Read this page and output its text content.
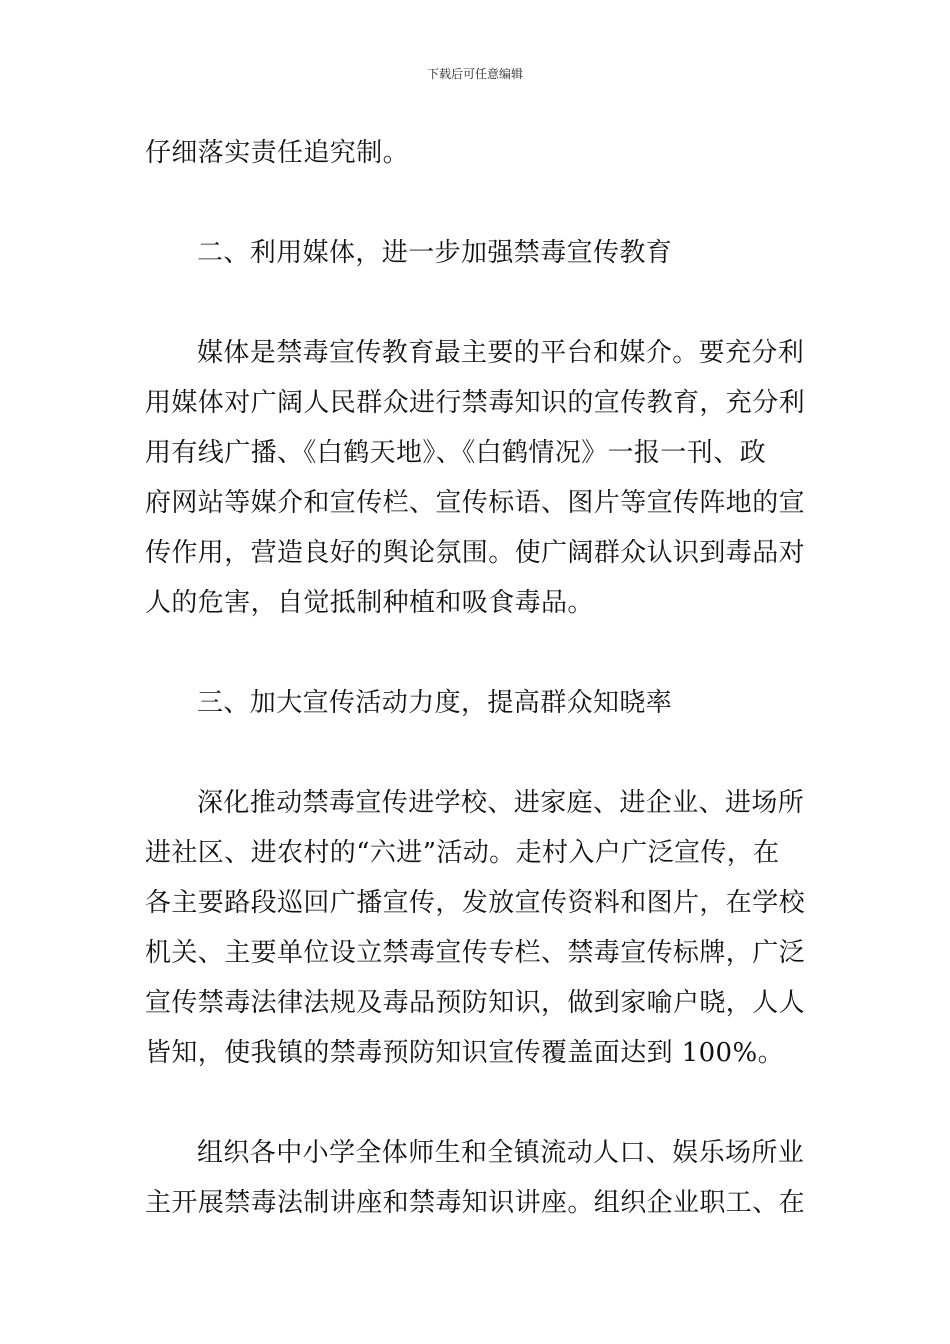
下载后可任意编辑

仔细落实责任追究制。

二、利用媒体，进一步加强禁毒宣传教育

媒体是禁毒宣传教育最主要的平台和媒介。要充分利

用媒体对广阔人民群众进行禁毒知识的宣传教育，充分利

用有线广播、《白鹤天地》、《白鹤情况》一报一刊、政

府网站等媒介和宣传栏、宣传标语、图片等宣传阵地的宣

传作用，营造良好的舆论氛围。使广阔群众认识到毒品对

人的危害，自觉抵制种植和吸食毒品。

三、加大宣传活动力度，提高群众知晓率

深化推动禁毒宣传进学校、进家庭、进企业、进场所

进社区、进农村的“六进”活动。走村入户广泛宣传，在

各主要路段巡回广播宣传，发放宣传资料和图片，在学校

机关、主要单位设立禁毒宣传专栏、禁毒宣传标牌，广泛

宣传禁毒法律法规及毒品预防知识，做到家喻户晓，人人

皆知，使我镇的禁毒预防知识宣传覆盖面达到 100%。

组织各中小学全体师生和全镇流动人口、娱乐场所业

主开展禁毒法制讲座和禁毒知识讲座。组织企业职工、在
